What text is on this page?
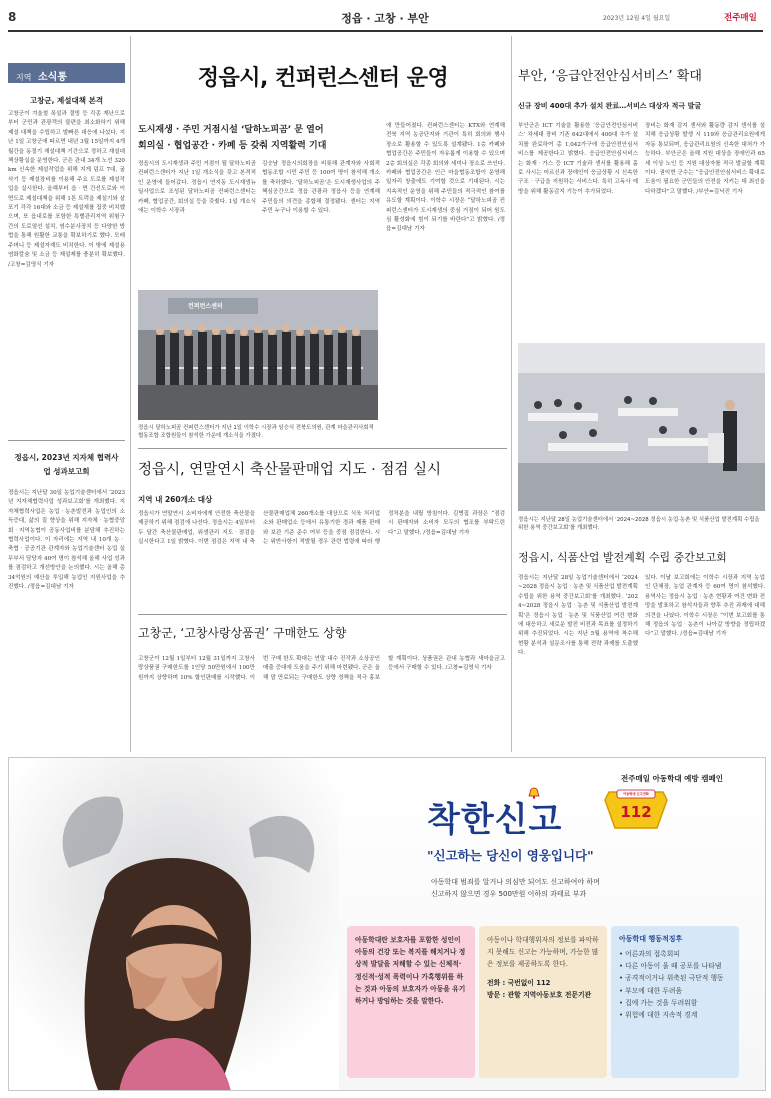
8	정읍 · 고창 · 부안	2023년 12월 4일 월요일	전주매일
지역 소식통
고창군, 제설대책 본격
고창군이 겨울철 폭설과 결빙 등 각종 재난으로부터 군민과 관광객의 불편을 최소화하기 위해 제설 대책을 수립하고 발빠른 대응에 나섰다. 지난 1일 고창군에 따르면 내년 3월 15일까지 4개월간을 동절기 재설대책 기간으로 정하고 재설대책상황실을 운영한다. 군은 관내 34개 노선 320km 신속한 제설작업을 위해 지게 덤프 7대, 굴삭기 등 제설장비를 이용해 주요 도로를 제설작업을 실시한다. 올해부터 읍‧면 간선도로와 이면도로 제설대책을 위해 1톤 트럭을 제설기와 살포기 각각 16대와 소금 등 제설재를 집중 비치했으며, 또 읍내로를 포함한 특별관리지역 위험구간의 도로열선 설치, 염수분사장치 등 다양한 방법을 통해 원활한 교통을 확보하기로 했다. 모래주머니 등 제설자재도 비치한다. 이 밖에 제설용 염화칼슘 및 소금 등 제설제를 충분히 확보했다. /고창=김영식 기자
정읍시, 2023년 지자체 협력사업 성과보고회
정읍시는 지난달 30일 농업기술센터에서 ‘2023년 지자체협력사업 성과보고회’를 개최했다. 지자체협력사업은 농업‧농촌발전과 농업인의 소득증대, 삶의 질 향상을 위해 지자체‧농협중앙회‧지역농협이 공동사업비를 분담해 추진하는 협력사업이다. 이 자리에는 지역 내 10개 농‧축협‧공공기관 관계자와 농업기술센터 농업 실무부서 담당자 40여 명이 참석해 올해 사업 성과를 점검하고 개선방안을 논의했다. 시는 올해 총 34억원의 예산을 투입해 농업인 지원사업을 추진했다. /정읍=김대남 기자
정읍시, 컨퍼런스센터 운영
도시재생 · 주민 거점시설 ‘달하노피곰’ 문 열어
회의실 · 협업공간 · 카페 등 갖춰 지역활력 기대
정읍시의 도시재생과 주민 거점이 될 달하노피곰 컨퍼런스센터가 지난 1일 개소식을 갖고 본격적인 운영에 들어갔다. 정읍시 연지동 도시재생뉴딜사업으로 조성된 달하노피곰 컨퍼런스센터는 카페, 협업공간, 회의실 등을 갖췄다. 1일 개소식에는 이학수 시장과
김승남 정읍시의회장을 비롯해 관계자와 사회적협동조합 시민 주민 등 100여 명이 참석해 개소를 축하했다. ‘달하노피곰’은 도시재생사업의 주 핵심공간으로 정읍 관광과 정읍사 등을 연계해 주민들의 의견을 종합해 결정됐다. 센터는 지역 주민 누구나 이용할 수 있다.
에 만들어졌다. 컨퍼런스센터는 KTX와 연계해 전북 지역 농공단지와 기관이 특히 회의와 행사 장소로 활용할 수 있도록 설계됐다. 1층 카페와 협업공간은 주민들이 자유롭게 이용할 수 있으며 2층 회의실은 각종 회의와 세미나 장소로 쓰인다. 카페와 협업공간은 인근 마을협동조합이 운영해 일자리 창출에도 기여할 것으로 기대된다. 시는 지속적인 운영을 위해 주민들의 적극적인 참여를 유도할 계획이다. 이학수 시장은 “달하노피곰 컨퍼런스센터가 도시재생의 중심 거점이 되어 원도심 활성화에 힘이 되기를 바란다”고 밝혔다. /정읍=김대남 기자
컨퍼런스센터
정읍시 달하노피곰 컨퍼런스센터가 지난 1일 이학수 시장과 임승식 전북도의원, 관계 마을관리사회적협동조합 조합원들이 참석한 가운데 개소식을 가졌다.
부안, ‘응급안전안심서비스’ 확대
신규 장비 400대 추가 설치 완료…서비스 대상자 적극 발굴
부안군은 ICT 기술을 활용한 ‘응급안전안심서비스’ 차세대 장비 기존 642대에서 400대 추가 설치를 완료하여 총 1,042가구에 응급안전안심서비스를 제공한다고 밝혔다. 응급안전안심서비스는 화재‧가스 등 ICT 기술과 센서를 활용해 홀로 사시는 어르신과 장애인이 응급상황 시 신속한 구조‧구급을 지원하는 서비스다. 특히 고독사 예방을 위해 활동감지 기능이 추가되었다.
장비는 화재 감지 센서와 활동량 감지 센서를 설치해 응급상황 발생 시 119와 응급관리요원에게 자동 통보되며, 응급관리요원의 신속한 대처가 가능하다. 부안군은 올해 지원 대상을 장애인과 65세 이상 노인 등 지원 대상자를 적극 발굴할 계획이다. 권익현 군수는 “응급안전안심서비스 확대로 도움이 필요한 군민들의 안전을 지키는 데 최선을 다하겠다”고 말했다. /부안=김낙진 기자
정읍시는 지난달 28일 농업기술센터에서 ‘2024~2028 정읍시 농업‧농촌 및 식품산업 발전계획 수립을 위한 용역 중간보고회’를 개최했다.
정읍시, 연말연시 축산물판매업 지도 · 점검 실시
지역 내 260개소 대상
정읍시가 연말연시 소비자에게 안전한 축산물을 제공하기 위해 점검에 나선다. 정읍시는 4일부터 두 달간 축산물판매업, 위생관리 지도‧점검을 실시한다고 1일 밝혔다. 이번 점검은 지역 내 축산물판매업체 260개소를 대상으로 식육 처리업소와 판매업소 등에서 유통기한 경과 제품 판매와 보관 기준 준수 여부 등을 중점 점검한다. 시는 위반사항이 적발될 경우 관련 법령에 따라 행정처분을 내릴 방침이다. 김병집 과장은 “점검 시 판매자와 소비자 모두의 협조를 부탁드린다”고 말했다. /정읍=김대남 기자
고창군, ‘고창사랑상품권’ 구매한도 상향
고창군이 12월 1일부터 12월 31일까지 고창사랑상품권 구매한도를 1인당 50만원에서 100만원까지 상향하며 10% 할인판매를 시작했다. 이번 구매 한도 확대는 연말 내수 진작과 소상공인 매출 증대에 도움을 주기 위해 마련됐다. 군은 올해 말 만료되는 구매한도 상향 정책을 적극 홍보할 계획이다. 상품권은 관내 농협과 새마을금고 등에서 구매할 수 있다. /고창=김영식 기자
정읍시, 식품산업 발전계획 수립 중간보고회
정읍시는 지난달 28일 농업기술센터에서 ‘2024~2028 정읍시 농업‧농촌 및 식품산업 발전계획 수립을 위한 용역 중간보고회’를 개최했다. ‘2024~2028 정읍시 농업‧농촌 및 식품산업 발전계획’은 정읍시 농업‧농촌 및 식품산업 여건 변화에 대응하고 새로운 발전 비전과 목표를 설정하기 위해 추진되었다. 시는 지난 5월 용역에 착수해 현황 분석과 설문조사를 통해 전략 과제를 도출했다.
있다. 이날 보고회에는 이학수 시장과 지역 농업인 단체장, 농업 관계자 등 60여 명이 참석했다. 용역사는 정읍시 농업‧농촌 현황과 여건 변화 전망을 발표하고 참석자들과 향후 추진 과제에 대해 의견을 나눴다. 이학수 시장은 “이번 보고회를 통해 정읍의 농업‧농촌이 나아갈 방향을 정립하겠다”고 말했다. /정읍=김대남 기자
전주매일 아동학대 예방 캠페인
착한신고
아동학대 신고전화
112
"신고하는 당신이 영웅입니다"
아동학대 범죄를 알거나 의심만 되어도 신고하여야 하며
신고하지 않으면 경우 500만원 이하의 과태료 부과
아동학대란 보호자를 포함한 성인이 아동의 건강 또는 복지를 해치거나 정상적 발달을 저해할 수 있는 신체적·정신적·성적 폭력이나 가혹행위를 하는 것과 아동의 보호자가 아동을 유기하거나 방임하는 것을 말한다.
아동이나 학대행위자의 정보를 파악하지 못해도 신고는 가능하며, 가능한 많은 정보를 제공하도록 한다.
전화 : 국번없이 112
방문 : 관할 지역아동보호 전문기관
아동학대 행동적징후
• 어른과의 접촉회피
• 다른 아동이 울 때 공포를 나타냄
• 공격적이거나 위축된 극단적 행동
• 부모에 대한 두려움
• 집에 가는 것을 두려워함
• 위험에 대한 지속적 경계
